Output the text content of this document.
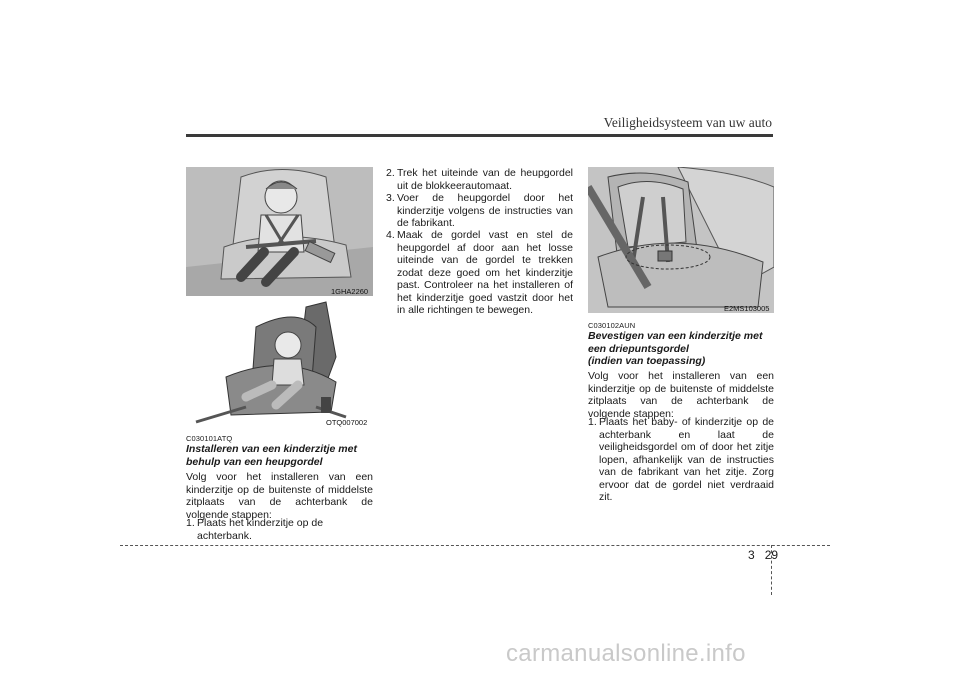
Veiligheidsysteem van uw auto
1GHA2260
OTQ007002
E2MS103005
C030101ATQ
Installeren van een kinderzitje met
behulp van een heupgordel
Volg voor het installeren van een kinderzitje op de buitenste of middelste zitplaats van de achterbank de volgende stappen:
1. Plaats het kinderzitje op de achterbank.
2. Trek het uiteinde van de heupgordel uit de blokkeerautomaat.
3. Voer de heupgordel door het kinderzitje volgens de instructies van de fabrikant.
4. Maak de gordel vast en stel de heupgordel af door aan het losse uiteinde van de gordel te trekken zodat deze goed om het kinderzitje past. Controleer na het installeren of het kinderzitje goed vastzit door het in alle richtingen te bewegen.
C030102AUN
Bevestigen van een kinderzitje met
een driepuntsgordel
(indien van toepassing)
Volg voor het installeren van een kinderzitje op de buitenste of middelste zitplaats van de achterbank de volgende stappen:
1. Plaats het baby- of kinderzitje op de achterbank en laat de veiligheidsgordel om of door het zitje lopen, afhankelijk van de instructies van de fabrikant van het zitje. Zorg ervoor dat de gordel niet verdraaid zit.
3 29
carmanualsonline.info
